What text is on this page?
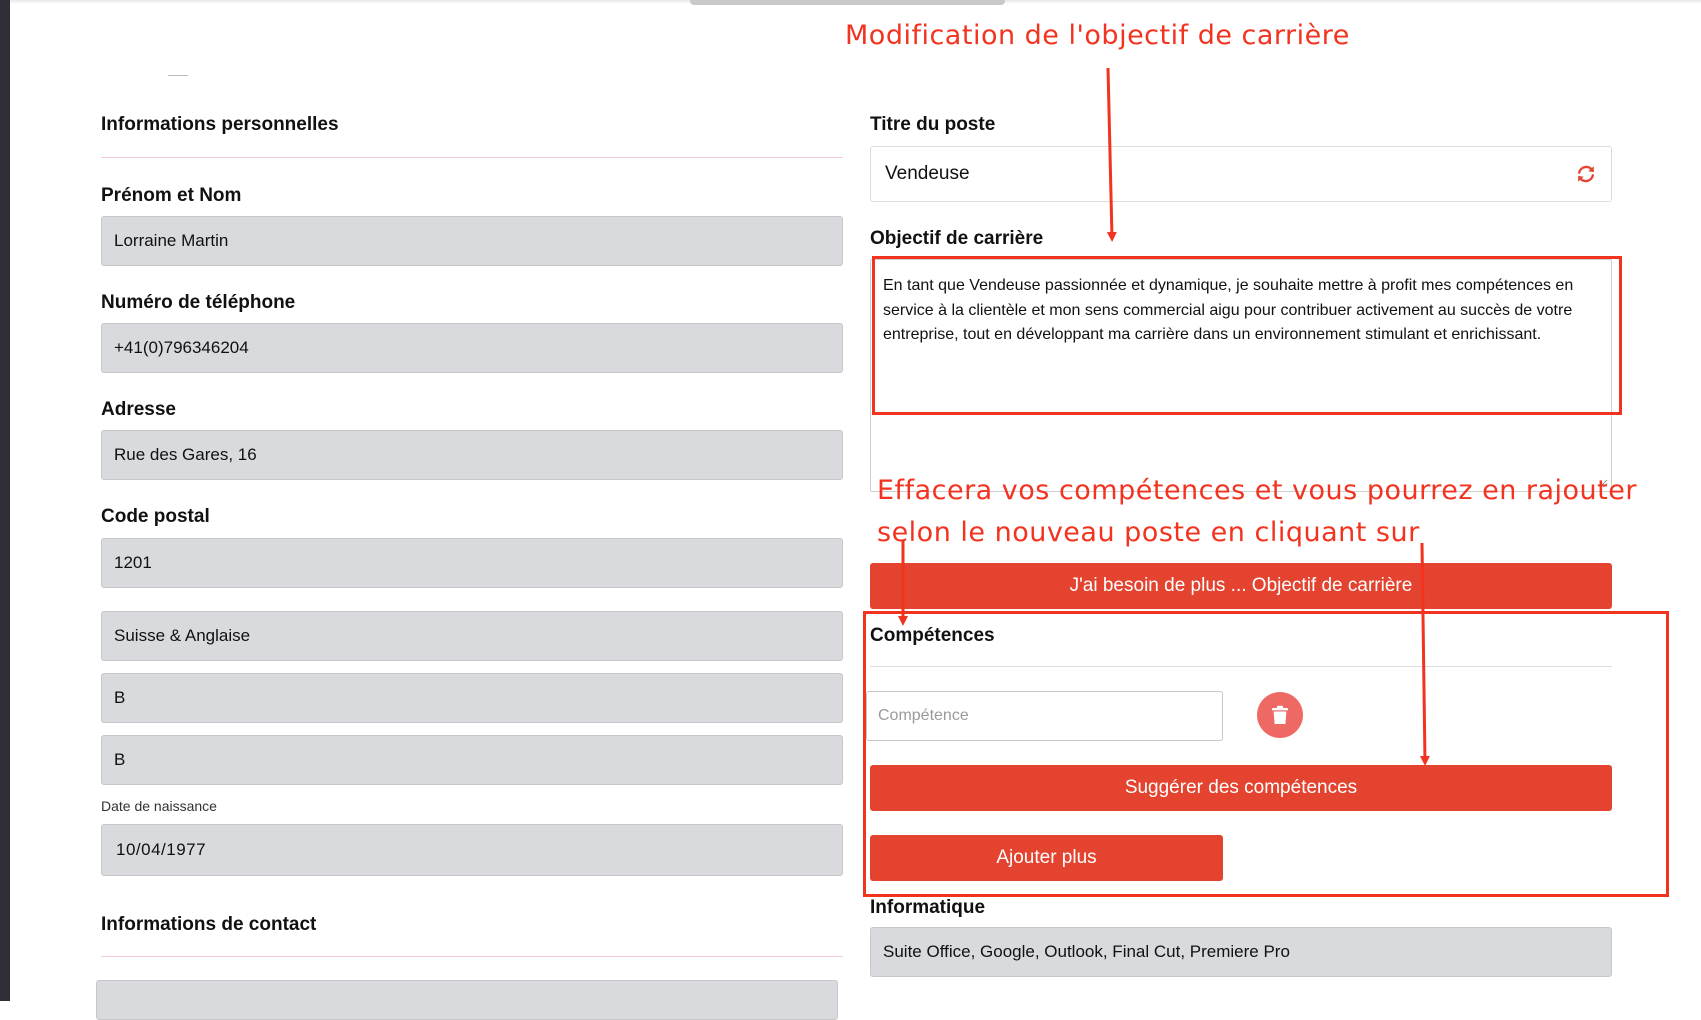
Informations personnelles
Prénom et Nom
Lorraine Martin
Numéro de téléphone
+41(0)796346204
Adresse
Rue des Gares, 16
Code postal
1201
Suisse & Anglaise
B
B
Date de naissance
10/04/1977
Informations de contact
Titre du poste
Vendeuse
Objectif de carrière
En tant que Vendeuse passionnée et dynamique, je souhaite mettre à profit mes compétences en service à la clientèle et mon sens commercial aigu pour contribuer activement au succès de votre entreprise, tout en développant ma carrière dans un environnement stimulant et enrichissant.
J'ai besoin de plus ... Objectif de carrière
Compétences
Compétence
Suggérer des compétences
Ajouter plus
Informatique
Suite Office, Google, Outlook, Final Cut, Premiere Pro
Modification de l'objectif de carrière
Effacera vos compétences et vous pourrez en rajouter
selon le nouveau poste en cliquant sur
